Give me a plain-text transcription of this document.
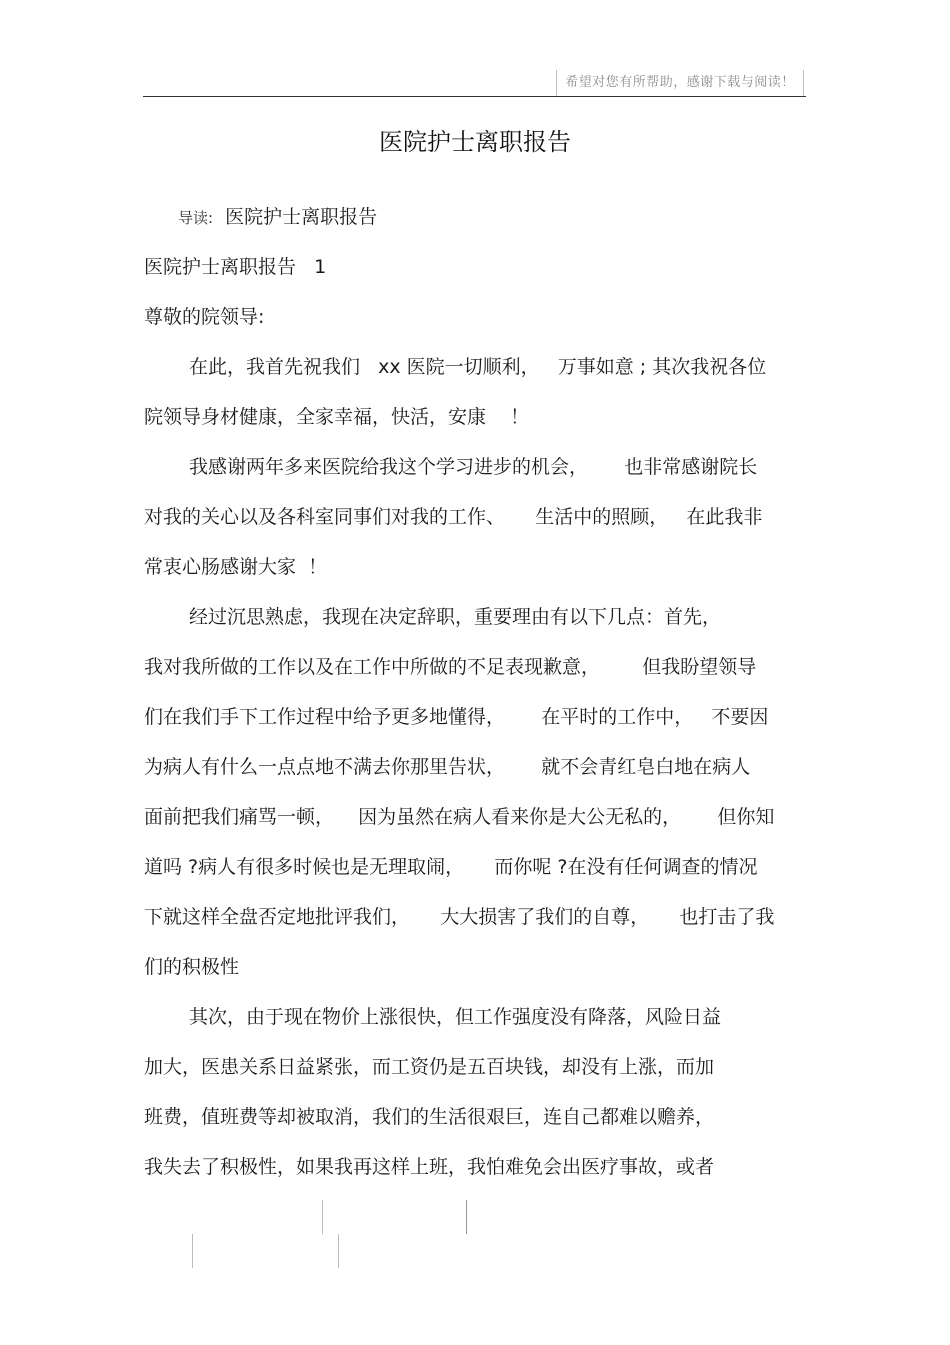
希望对您有所帮助，感谢下载与阅读！
医院护士离职报告
导读: 医院护士离职报告
医院护士离职报告   1
尊敬的院领导:
在此，我首先祝我们   xx 医院一切顺利，   万事如意 ; 其次我祝各位
院领导身材健康，全家幸福，快活，安康    ！
我感谢两年多来医院给我这个学习进步的机会，      也非常感谢院长
对我的关心以及各科室同事们对我的工作、     生活中的照顾，   在此我非
常衷心肠感谢大家  ！
经过沉思熟虑，我现在决定辞职，重要理由有以下几点：首先，
我对我所做的工作以及在工作中所做的不足表现歉意，       但我盼望领导
们在我们手下工作过程中给予更多地懂得，      在平时的工作中，   不要因
为病人有什么一点点地不满去你那里告状，      就不会青红皂白地在病人
面前把我们痛骂一顿，    因为虽然在病人看来你是大公无私的，      但你知
道吗 ?病人有很多时候也是无理取闹，     而你呢 ?在没有任何调查的情况
下就这样全盘否定地批评我们，     大大损害了我们的自尊，     也打击了我
们的积极性
其次，由于现在物价上涨很快，但工作强度没有降落，风险日益
加大，医患关系日益紧张，而工资仍是五百块钱，却没有上涨，而加
班费，值班费等却被取消，我们的生活很艰巨，连自己都难以赡养，
我失去了积极性，如果我再这样上班，我怕难免会出医疗事故，或者
